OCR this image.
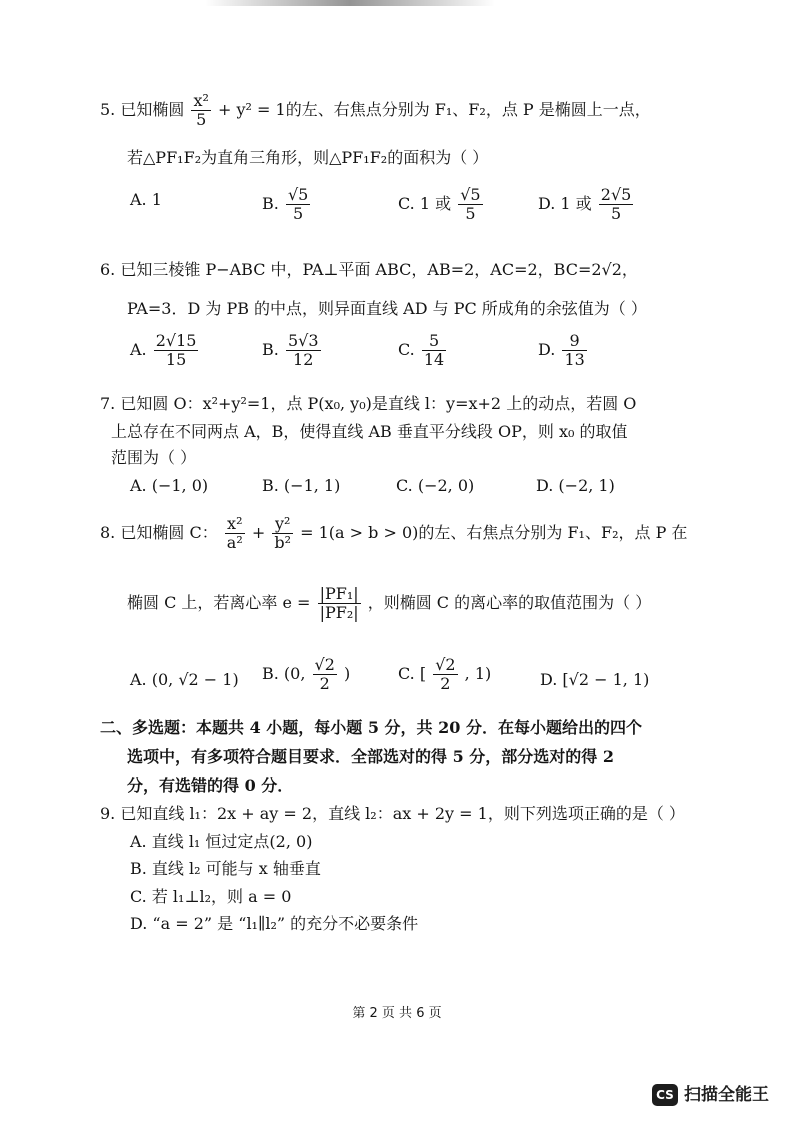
5. 已知椭圆 $\frac{\text{x²}}{5} + y^2 = 1$的左、右焦点分别为 F₁、F₂，点 P 是椭圆上一点，
若△PF₁F₂为直角三角形，则△PF₁F₂的面积为（ ）
A. 1	B. $\frac{√5}{5}$	C. 1 或 $\frac{√5}{5}$	D. 1 或 $\frac{2√5}{5}$
6. 已知三棱锥 P−ABC 中，PA⊥平面 ABC，AB=2，AC=2，BC=2√2，
PA=3．D 为 PB 的中点，则异面直线 AD 与 PC 所成角的余弦值为（ ）
A. $\frac{2√15}{15}$	B. $\frac{5√3}{12}$	C. $\frac{5}{14}$	D. $\frac{9}{13}$
7. 已知圆 O：x²+y²=1，点 P(x₀, y₀)是直线 l：y=x+2 上的动点，若圆 O
上总存在不同两点 A，B，使得直线 AB 垂直平分线段 OP，则 x₀ 的取值
范围为（ ）
A. (−1, 0)	B. (−1, 1)	C. (−2, 0)	D. (−2, 1)
8. 已知椭圆 C： $\frac{\text{x²}}{\text{a²}} + \frac{\text{y²}}{\text{b²}} = 1(a > b > 0)$的左、右焦点分别为 F₁、F₂，点 P 在
椭圆 C 上，若离心率 $e = \frac{\text{|PF₁|}}{\text{|PF₂|}}$ ，则椭圆 C 的离心率的取值范围为（ ）
A. (0, √2 − 1) B. (0, $\frac{√2}{2}$ )	C. [ $\frac{√2}{2}$ , 1)	D. [√2 − 1, 1)
二、多选题：本题共 4 小题，每小题 5 分，共 20 分．在每小题给出的四个
选项中，有多项符合题目要求．全部选对的得 5 分，部分选对的得 2
分，有选错的得 0 分．
9. 已知直线 l₁：2x + ay = 2，直线 l₂：ax + 2y = 1，则下列选项正确的是（ ）
A. 直线 l₁ 恒过定点(2, 0)
B. 直线 l₂ 可能与 x 轴垂直
C. 若 l₁⊥l₂，则 a = 0
D. “a = 2” 是 “l₁∥l₂” 的充分不必要条件
第 2 页 共 6 页
CS 扫描全能王
